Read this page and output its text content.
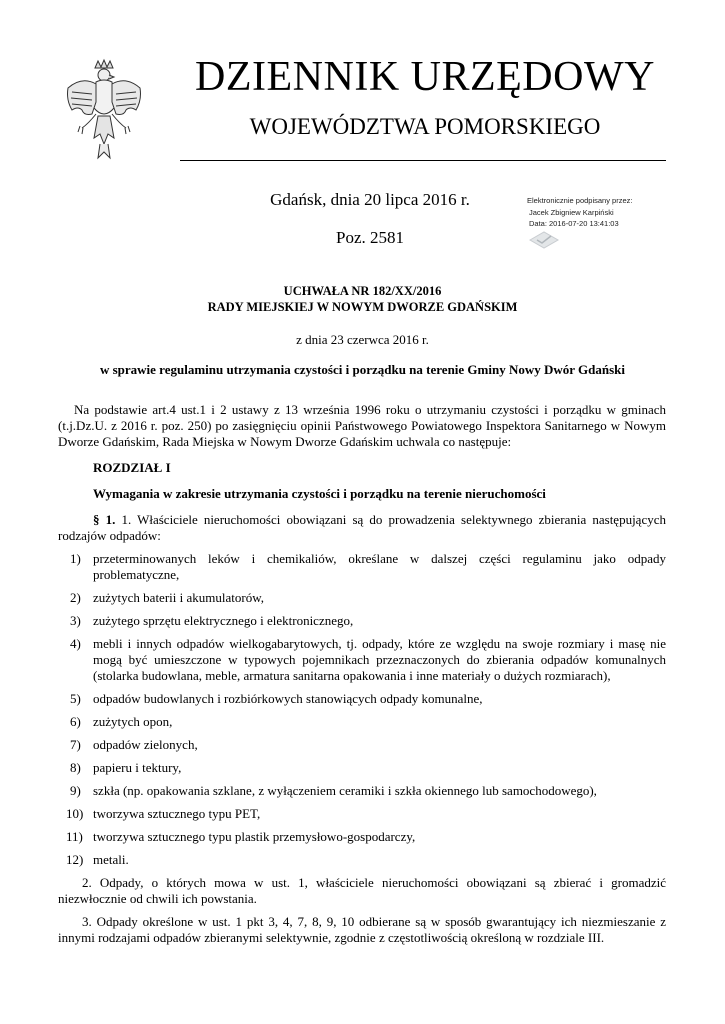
DZIENNIK URZĘDOWY
WOJEWÓDZTWA POMORSKIEGO
Gdańsk, dnia 20 lipca 2016 r.
Poz. 2581
Elektronicznie podpisany przez:
Jacek Zbigniew Karpiński
Data: 2016-07-20 13:41:03
UCHWAŁA NR 182/XX/2016
RADY MIEJSKIEJ W NOWYM DWORZE GDAŃSKIM
z dnia 23 czerwca 2016 r.
w sprawie regulaminu utrzymania czystości i porządku na terenie Gminy Nowy Dwór Gdański

Na podstawie art.4 ust.1 i 2 ustawy z 13 września 1996 roku o utrzymaniu czystości i porządku w gminach (t.j.Dz.U. z 2016 r. poz. 250) po zasięgnięciu opinii Państwowego Powiatowego Inspektora Sanitarnego w Nowym Dworze Gdańskim, Rada Miejska w Nowym Dworze Gdańskim uchwala co następuje:

ROZDZIAŁ I

Wymagania w zakresie utrzymania czystości i porządku na terenie nieruchomości

§ 1. 1. Właściciele nieruchomości obowiązani są do prowadzenia selektywnego zbierania następujących rodzajów odpadów:

1) przeterminowanych leków i chemikaliów, określane w dalszej części regulaminu jako odpady problematyczne,
2) zużytych baterii i akumulatorów,
3) zużytego sprzętu elektrycznego i elektronicznego,
4) mebli i innych odpadów wielkogabarytowych, tj. odpady, które ze względu na swoje rozmiary i masę nie mogą być umieszczone w typowych pojemnikach przeznaczonych do zbierania odpadów komunalnych (stolarka budowlana, meble, armatura sanitarna opakowania i inne materiały o dużych rozmiarach),
5) odpadów budowlanych i rozbiórkowych stanowiących odpady komunalne,
6) zużytych opon,
7) odpadów zielonych,
8) papieru i tektury,
9) szkła (np. opakowania szklane, z wyłączeniem ceramiki i szkła okiennego lub samochodowego),
10) tworzywa sztucznego typu PET,
11) tworzywa sztucznego typu plastik przemysłowo-gospodarczy,
12) metali.

2. Odpady, o których mowa w ust. 1, właściciele nieruchomości obowiązani są zbierać i gromadzić niezwłocznie od chwili ich powstania.

3. Odpady określone w ust. 1 pkt 3, 4, 7, 8, 9, 10 odbierane są w sposób gwarantujący ich niezmieszanie z innymi rodzajami odpadów zbieranymi selektywnie, zgodnie z częstotliwością określoną w rozdziale III.
